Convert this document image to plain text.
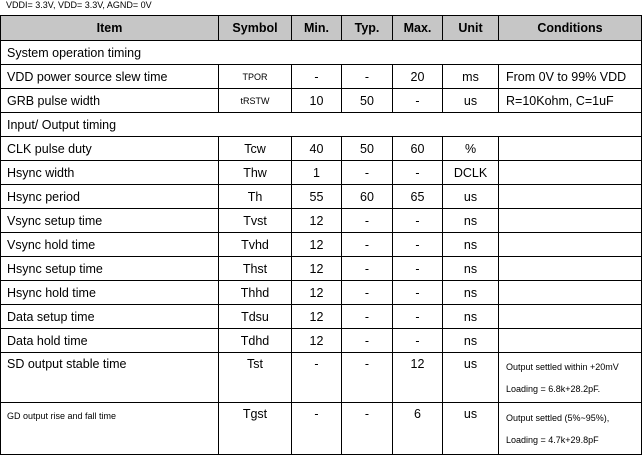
VDDI= 3.3V, VDD= 3.3V, AGND= 0V
Item	Symbol	Min.	Typ.	Max.	Unit	Conditions
System operation timing						
VDD power source slew time	TPOR	-	-	20	ms	From 0V to 99% VDD
GRB pulse width	tRSTW	10	50	-	us	R=10Kohm, C=1uF
Input/ Output timing						
CLK pulse duty	Tcw	40	50	60	%	
Hsync width	Thw	1	-	-	DCLK	
Hsync period	Th	55	60	65	us	
Vsync setup time	Tvst	12	-	-	ns	
Vsync hold time	Tvhd	12	-	-	ns	
Hsync setup time	Thst	12	-	-	ns	
Hsync hold time	Thhd	12	-	-	ns	
Data setup time	Tdsu	12	-	-	ns	
Data hold time	Tdhd	12	-	-	ns	
SD output stable time	Tst	-	-	12	us	Output settled within +20mV
Loading = 6.8k+28.2pF.

GD output rise and fall time	Tgst	-	-	6	us	Output settled (5%~95%),
Loading = 4.7k+29.8pF
